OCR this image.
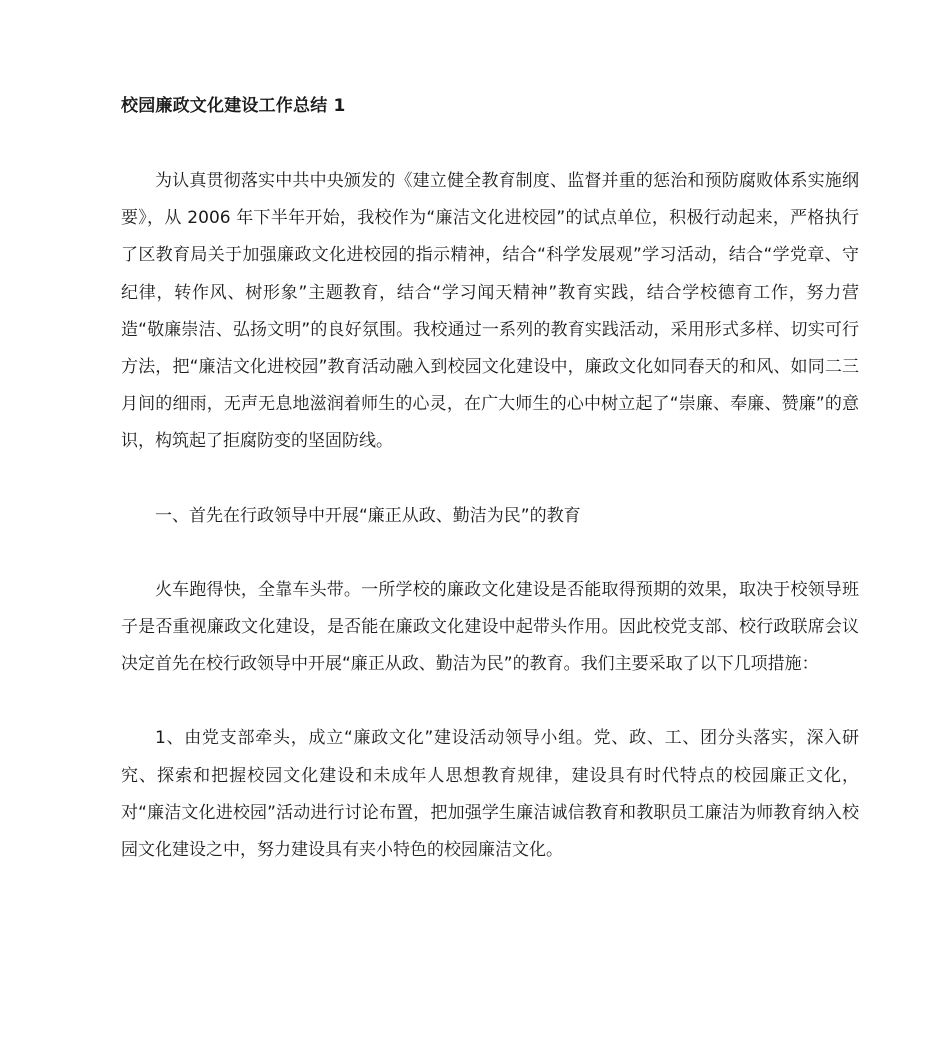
校园廉政文化建设工作总结 1

为认真贯彻落实中共中央颁发的《建立健全教育制度、监督并重的惩治和预防腐败体系实施纲要》，从 2006 年下半年开始，我校作为“廉洁文化进校园”的试点单位，积极行动起来，严格执行了区教育局关于加强廉政文化进校园的指示精神，结合“科学发展观”学习活动，结合“学党章、守纪律，转作风、树形象”主题教育，结合“学习闻天精神”教育实践，结合学校德育工作，努力营造“敬廉崇洁、弘扬文明”的良好氛围。我校通过一系列的教育实践活动，采用形式多样、切实可行方法，把“廉洁文化进校园”教育活动融入到校园文化建设中，廉政文化如同春天的和风、如同二三月间的细雨，无声无息地滋润着师生的心灵，在广大师生的心中树立起了“崇廉、奉廉、赞廉”的意识，构筑起了拒腐防变的坚固防线。

一、首先在行政领导中开展“廉正从政、勤洁为民”的教育

火车跑得快，全靠车头带。一所学校的廉政文化建设是否能取得预期的效果，取决于校领导班子是否重视廉政文化建设，是否能在廉政文化建设中起带头作用。因此校党支部、校行政联席会议决定首先在校行政领导中开展“廉正从政、勤洁为民”的教育。我们主要采取了以下几项措施：

1、由党支部牵头，成立“廉政文化”建设活动领导小组。党、政、工、团分头落实，深入研究、探索和把握校园文化建设和未成年人思想教育规律，建设具有时代特点的校园廉正文化，对“廉洁文化进校园”活动进行讨论布置，把加强学生廉洁诚信教育和教职员工廉洁为师教育纳入校园文化建设之中，努力建设具有夹小特色的校园廉洁文化。
